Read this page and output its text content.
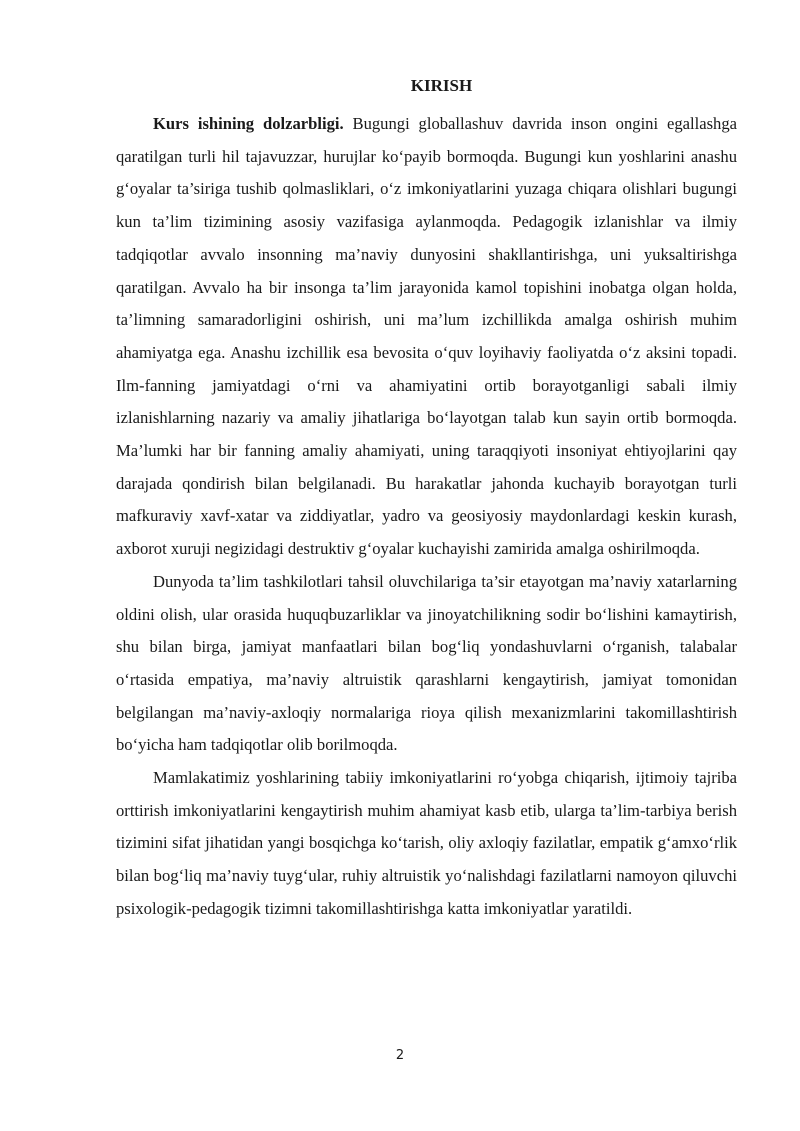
KIRISH

Kurs ishining dolzarbligi. Bugungi globallashuv davrida inson ongini egallashga qaratilgan turli hil tajavuzzar, hurujlar ko‘payib bormoqda. Bugungi kun yoshlarini anashu g‘oyalar ta’siriga tushib qolmasliklari, o‘z imkoniyatlarini yuzaga chiqara olishlari bugungi kun ta’lim tizimining asosiy vazifasiga aylanmoqda. Pedagogik izlanishlar va ilmiy tadqiqotlar avvalo insonning ma’naviy dunyosini shakllantirishga, uni yuksaltirishga qaratilgan. Avvalo ha bir insonga ta’lim jarayonida kamol topishini inobatga olgan holda, ta’limning samaradorligini oshirish, uni ma’lum izchillikda amalga oshirish muhim ahamiyatga ega. Anashu izchillik esa bevosita o‘quv loyihaviy faoliyatda o‘z aksini topadi. Ilm-fanning jamiyatdagi o‘rni va ahamiyatini ortib borayotganligi sabali ilmiy izlanishlarning nazariy va amaliy jihatlariga bo‘layotgan talab kun sayin ortib bormoqda. Ma’lumki har bir fanning amaliy ahamiyati, uning taraqqiyoti insoniyat ehtiyojlarini qay darajada qondirish bilan belgilanadi. Bu harakatlar jahonda kuchayib borayotgan turli mafkuraviy xavf-xatar va ziddiyatlar, yadro va geosiyosiy maydonlardagi keskin kurash, axborot xuruji negizidagi destruktiv g‘oyalar kuchayishi zamirida amalga oshirilmoqda.

Dunyoda ta’lim tashkilotlari tahsil oluvchilariga ta’sir etayotgan ma’naviy xatarlarning oldini olish, ular orasida huquqbuzarliklar va jinoyatchilikning sodir bo‘lishini kamaytirish, shu bilan birga, jamiyat manfaatlari bilan bog‘liq yondashuvlarni o‘rganish, talabalar o‘rtasida empatiya, ma’naviy altruistik qarashlarni kengaytirish, jamiyat tomonidan belgilangan ma’naviy-axloqiy normalariga rioya qilish mexanizmlarini takomillashtirish bo‘yicha ham tadqiqotlar olib borilmoqda.

Mamlakatimiz yoshlarining tabiiy imkoniyatlarini ro‘yobga chiqarish, ijtimoiy tajriba orttirish imkoniyatlarini kengaytirish muhim ahamiyat kasb etib, ularga ta’lim-tarbiya berish tizimini sifat jihatidan yangi bosqichga ko‘tarish, oliy axloqiy fazilatlar, empatik g‘amxo‘rlik bilan bog‘liq ma’naviy tuyg‘ular, ruhiy altruistik yo‘nalishdagi fazilatlarni namoyon qiluvchi psixologik-pedagogik tizimni takomillashtirishga katta imkoniyatlar yaratildi.

2
